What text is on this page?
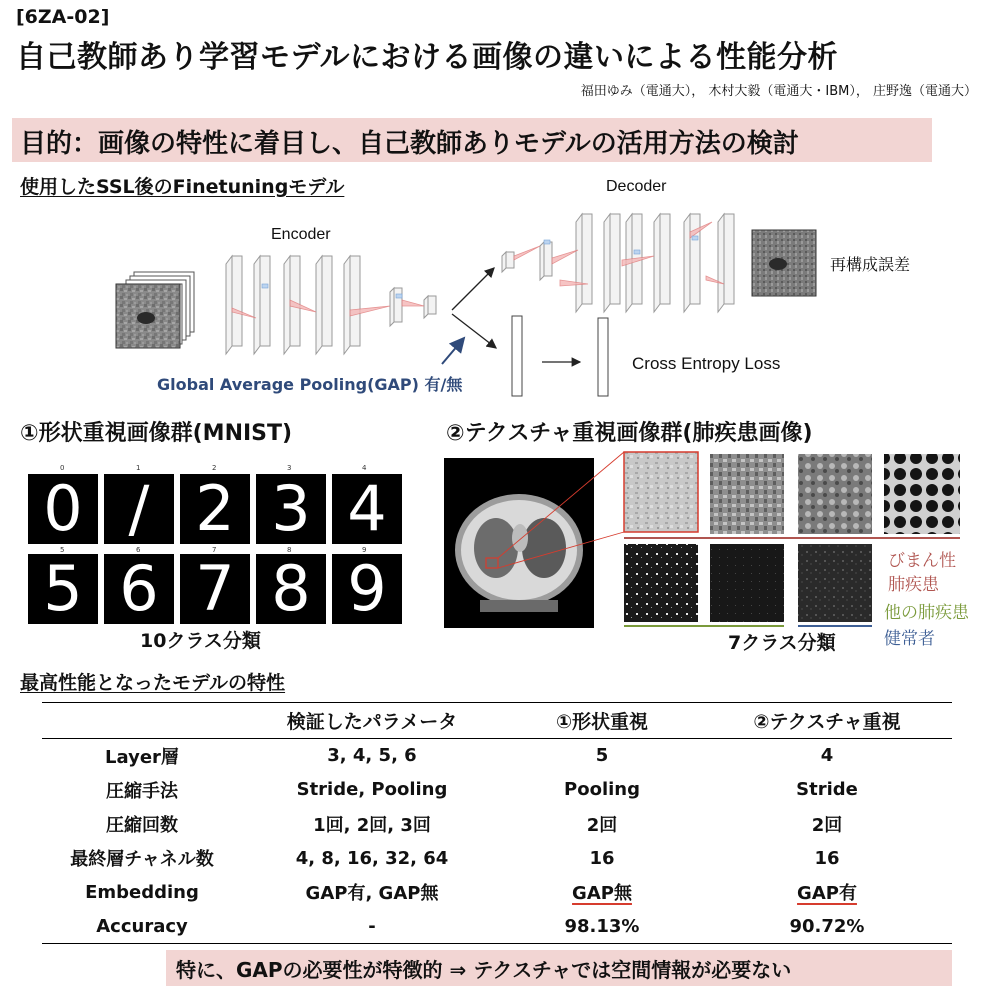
[6ZA-02]
自己教師あり学習モデルにおける画像の違いによる性能分析
福田ゆみ（電通大）， 木村大毅（電通大・IBM）， 庄野逸（電通大）
目的：画像の特性に着目し、自己教師ありモデルの活用方法の検討
使用したSSL後のFinetuningモデル
Encoder
Decoder
再構成誤差
Cross Entropy Loss
Global Average Pooling(GAP) 有/無
①形状重視画像群(MNIST)
0	1	2	3	4
0 / 2 3 4
5	6	7	8	9
5 6 7 8 9
10クラス分類
②テクスチャ重視画像群(肺疾患画像)
びまん性
肺疾患
他の肺疾患
健常者
7クラス分類
最高性能となったモデルの特性
	検証したパラメータ	①形状重視	②テクスチャ重視
Layer層	3, 4, 5, 6	5	4
圧縮手法	Stride, Pooling	Pooling	Stride
圧縮回数	1回, 2回, 3回	2回	2回
最終層チャネル数	4, 8, 16, 32, 64	16	16
Embedding	GAP有, GAP無	GAP無	GAP有
Accuracy	-	98.13%	90.72%
特に、GAPの必要性が特徴的 ⇒ テクスチャでは空間情報が必要ない
